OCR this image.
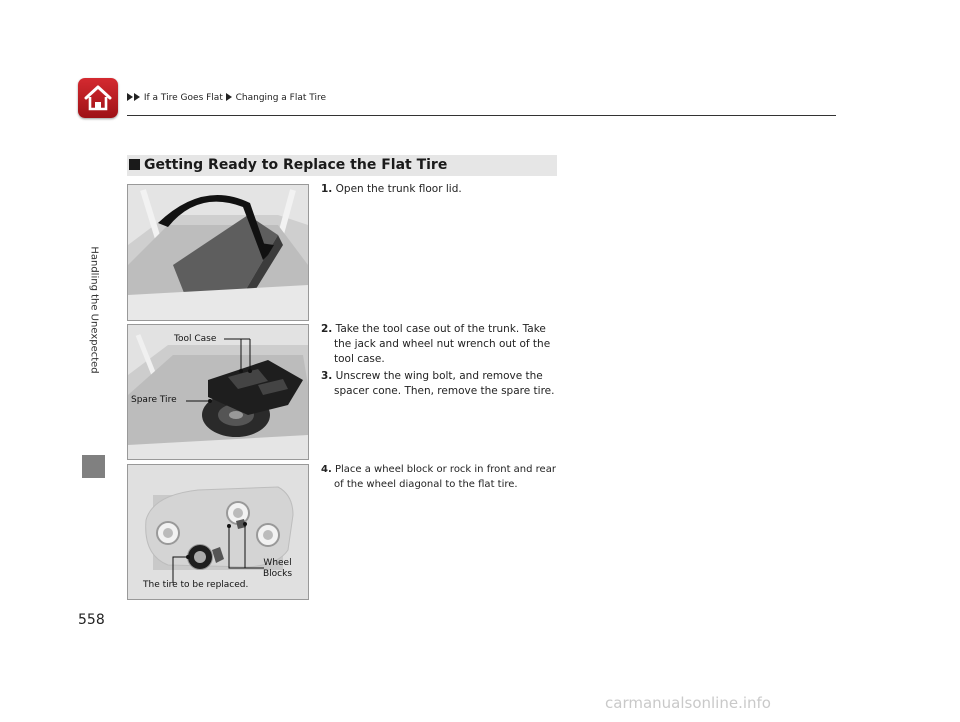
If a Tire Goes Flat Changing a Flat Tire
Handling the Unexpected
558
Getting Ready to Replace the Flat Tire
Tool Case
Spare Tire
Wheel
Blocks
The tire to be replaced.
1. Open the trunk floor lid.
2. Take the tool case out of the trunk. Take the jack and wheel nut wrench out of the tool case.
3. Unscrew the wing bolt, and remove the spacer cone. Then, remove the spare tire.
4. Place a wheel block or rock in front and rear of the wheel diagonal to the flat tire.
carmanualsonline.info
